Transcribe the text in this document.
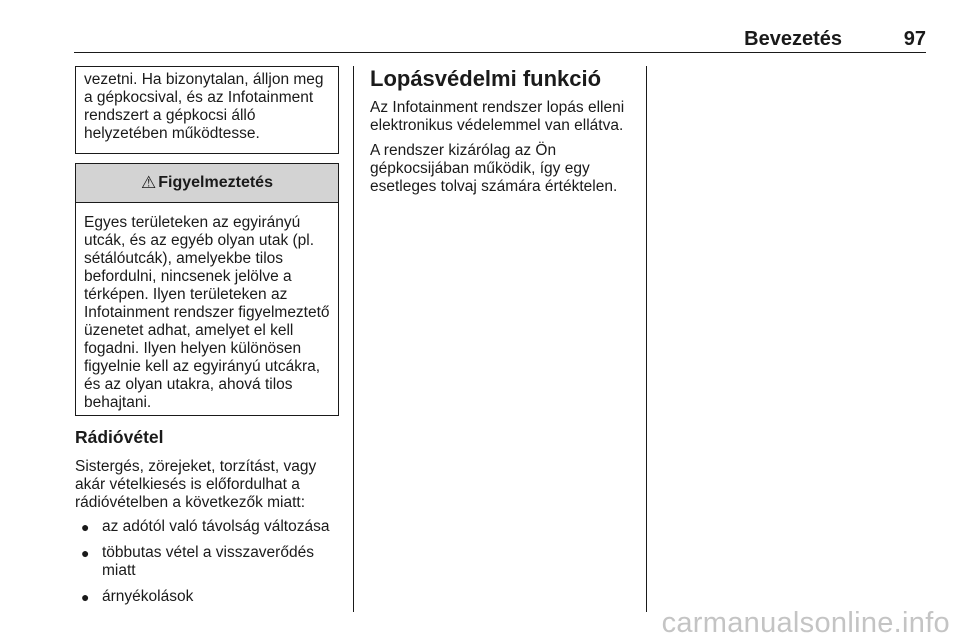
Bevezetés	97

vezetni. Ha bizonytalan, álljon meg a gépkocsival, és az Infotainment rendszert a gépkocsi álló helyzetében működtesse.

⚠ Figyelmeztetés

Egyes területeken az egyirányú utcák, és az egyéb olyan utak (pl. sétálóutcák), amelyekbe tilos befordulni, nincsenek jelölve a térképen. Ilyen területeken az Infotainment rendszer figyelmeztető üzenetet adhat, amelyet el kell fogadni. Ilyen helyen különösen figyelnie kell az egyirányú utcákra, és az olyan utakra, ahová tilos behajtani.

Rádióvétel

Sistergés, zörejeket, torzítást, vagy akár vételkiesés is előfordulhat a rádióvételben a következők miatt:

● az adótól való távolság változása
● többutas vétel a visszaverődés miatt
● árnyékolások
Lopásvédelmi funkció

Az Infotainment rendszer lopás elleni elektronikus védelemmel van ellátva.

A rendszer kizárólag az Ön gépkocsijában működik, így egy esetleges tolvaj számára értéktelen.

carmanualsonline.info
